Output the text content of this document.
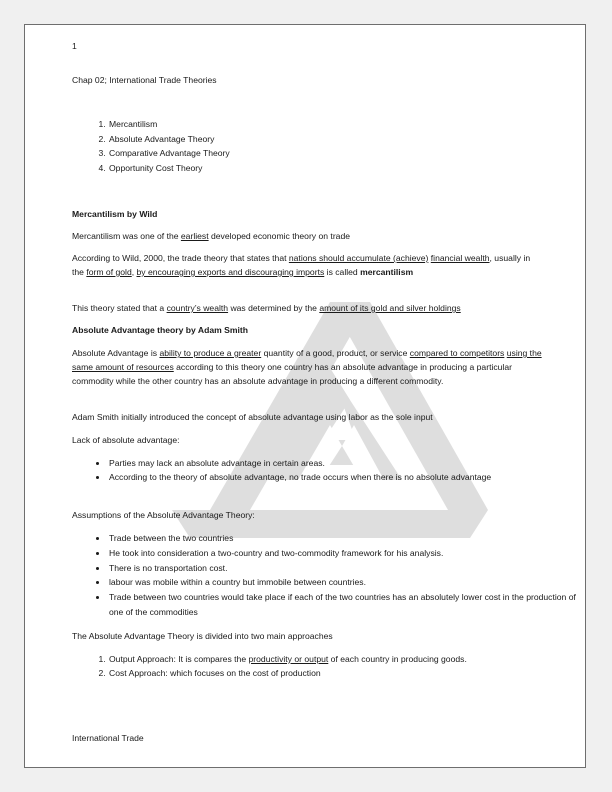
1
Chap 02; International Trade Theories
1. Mercantilism
2. Absolute Advantage Theory
3. Comparative Advantage Theory
4. Opportunity Cost Theory
Mercantilism by Wild
Mercantilism was one of the earliest developed economic theory on trade
According to Wild, 2000, the trade theory that states that nations should accumulate (achieve) financial wealth, usually in the form of gold, by encouraging exports and discouraging imports is called mercantilism
This theory stated that a country’s wealth was determined by the amount of its gold and silver holdings
Absolute Advantage theory by Adam Smith
Absolute Advantage is ability to produce a greater quantity of a good, product, or service compared to competitors using the same amount of resources according to this theory one country has an absolute advantage in producing a particular commodity while the other country has an absolute advantage in producing a different commodity.
Adam Smith initially introduced the concept of absolute advantage using labor as the sole input
Lack of absolute advantage:
• Parties may lack an absolute advantage in certain areas.
• According to the theory of absolute advantage, no trade occurs when there is no absolute advantage
Assumptions of the Absolute Advantage Theory:
• Trade between the two countries
• He took into consideration a two-country and two-commodity framework for his analysis.
• There is no transportation cost.
• labour was mobile within a country but immobile between countries.
• Trade between two countries would take place if each of the two countries has an absolutely lower cost in the production of one of the commodities
The Absolute Advantage Theory is divided into two main approaches
1. Output Approach: It is compares the productivity or output of each country in producing goods.
2. Cost Approach: which focuses on the cost of production
International Trade
